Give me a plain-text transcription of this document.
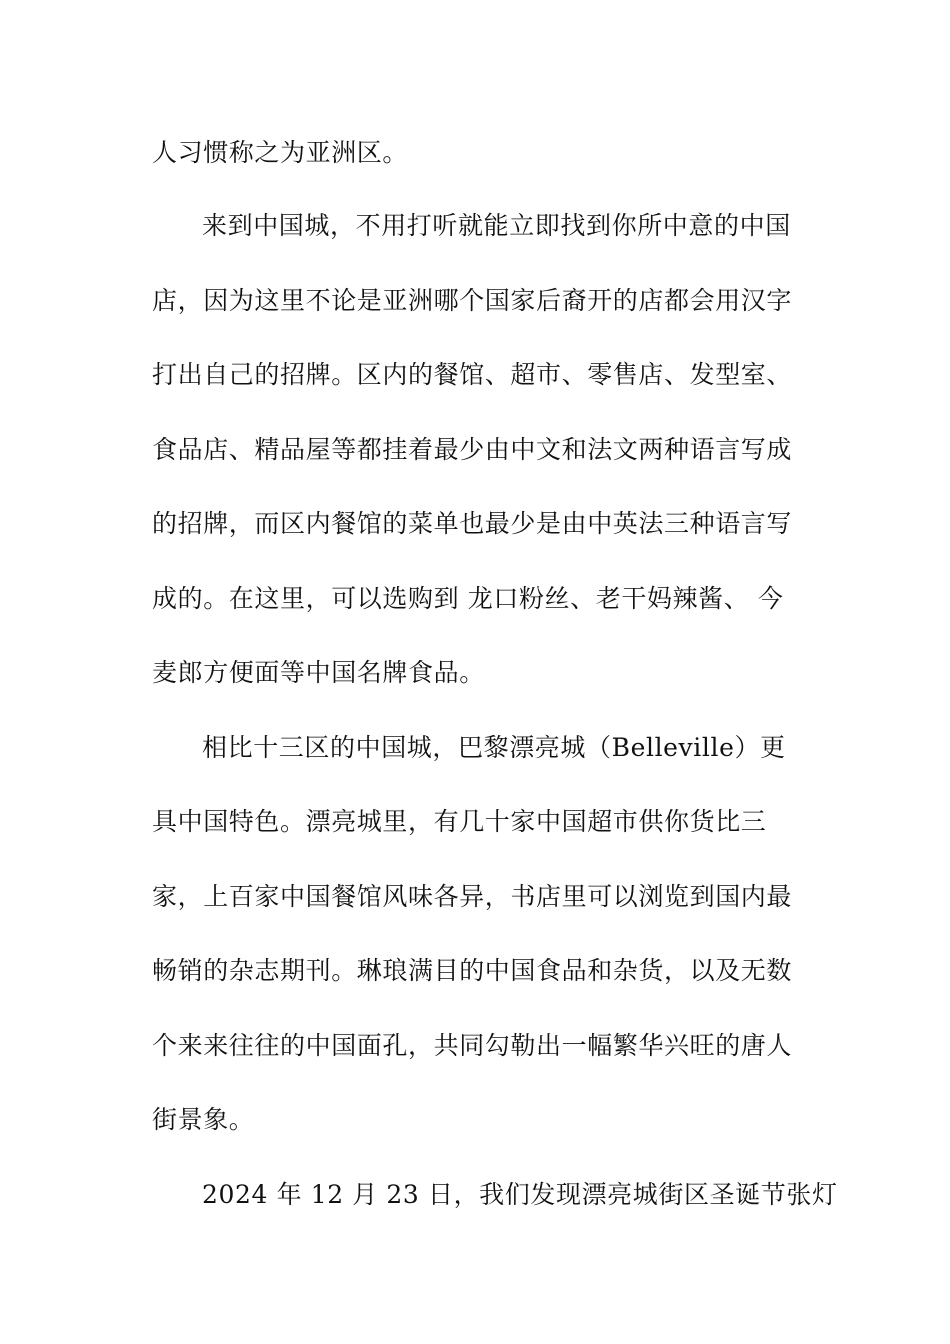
人习惯称之为亚洲区。
来到中国城，不用打听就能立即找到你所中意的中国
店，因为这里不论是亚洲哪个国家后裔开的店都会用汉字
打出自己的招牌。区内的餐馆、超市、零售店、发型室、
食品店、精品屋等都挂着最少由中文和法文两种语言写成
的招牌，而区内餐馆的菜单也最少是由中英法三种语言写
成的。在这里，可以选购到 龙口粉丝、老干妈辣酱、 今
麦郎方便面等中国名牌食品。
相比十三区的中国城，巴黎漂亮城（Belleville）更
具中国特色。漂亮城里，有几十家中国超市供你货比三
家，上百家中国餐馆风味各异，书店里可以浏览到国内最
畅销的杂志期刊。琳琅满目的中国食品和杂货，以及无数
个来来往往的中国面孔，共同勾勒出一幅繁华兴旺的唐人
街景象。
2024 年 12 月 23 日，我们发现漂亮城街区圣诞节张灯
